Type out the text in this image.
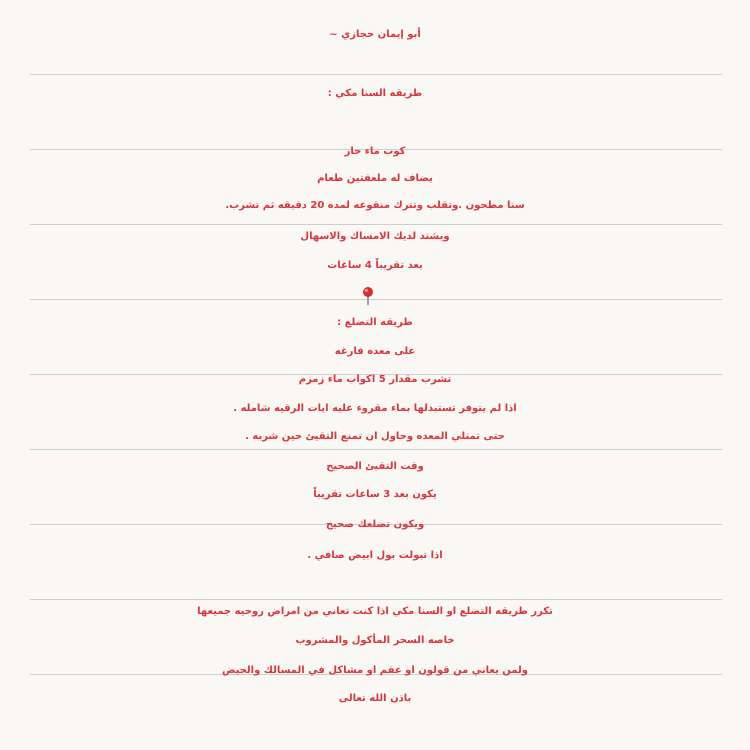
أبو إيمان حجازي ~
طريقه السنا مكي :
كوب ماء حار
يضاف له ملعقتين طعام
سنا مطحون .وتقلب وتترك منقوعه لمده 20 دقيقه ثم تشرب.
ويشتد لديك الامساك والاسهال
بعد تقريباً 4 ساعات
طريقه التضلع :
على معده فارغه
تشرب مقدار 5 اكواب ماء زمزم
اذا لم يتوفر تستبدلها بماء مقروء عليه ايات الرقيه شامله .
حتى تمتلي المعده وحاول ان تمنع التقيئ حين شربه .
وقت التقيئ الصحيح
يكون بعد 3 ساعات تقريباً
ويكون تضلعك صحيح
اذا تبولت بول ابيض صافي .
تكرر طريقه التضلع او السنا مكي اذا كنت تعاني من امراض روحيه جميعها
خاصه السحر المأكول والمشروب
ولمن يعاني من قولون او عقم او مشاكل في المسالك والحيض
باذن الله تعالى
